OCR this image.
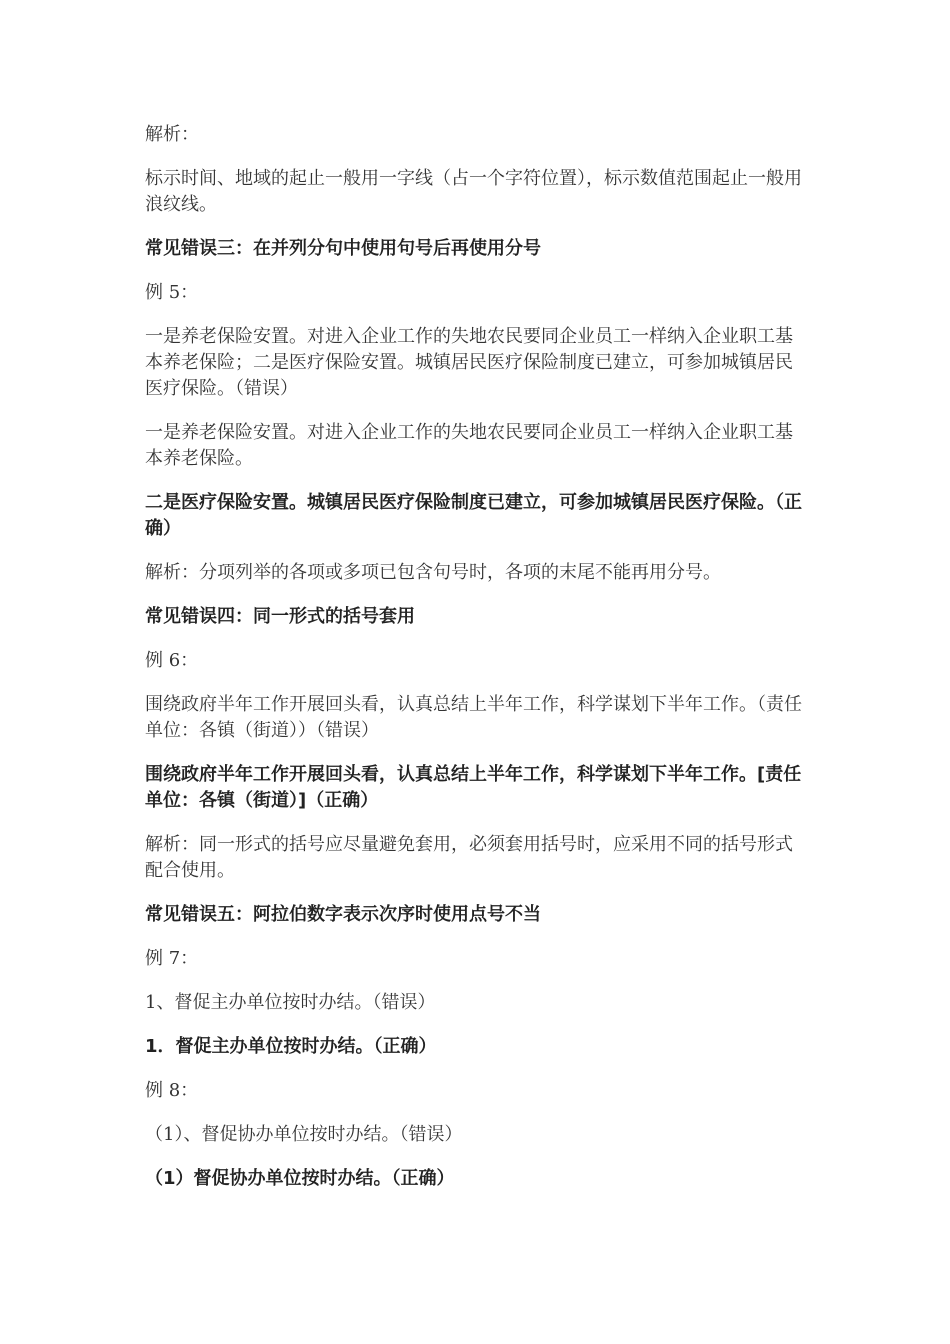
解析：

标示时间、地域的起止一般用一字线（占一个字符位置），标示数值范围起止一般用浪纹线。

常见错误三：在并列分句中使用句号后再使用分号

例 5：

一是养老保险安置。对进入企业工作的失地农民要同企业员工一样纳入企业职工基本养老保险；二是医疗保险安置。城镇居民医疗保险制度已建立，可参加城镇居民医疗保险。（错误）

一是养老保险安置。对进入企业工作的失地农民要同企业员工一样纳入企业职工基本养老保险。

二是医疗保险安置。城镇居民医疗保险制度已建立，可参加城镇居民医疗保险。（正确）

解析：分项列举的各项或多项已包含句号时，各项的末尾不能再用分号。

常见错误四：同一形式的括号套用

例 6：

围绕政府半年工作开展回头看，认真总结上半年工作，科学谋划下半年工作。（责任单位：各镇（街道））（错误）

围绕政府半年工作开展回头看，认真总结上半年工作，科学谋划下半年工作。[责任单位：各镇（街道）]（正确）

解析：同一形式的括号应尽量避免套用，必须套用括号时，应采用不同的括号形式配合使用。

常见错误五：阿拉伯数字表示次序时使用点号不当

例 7：

1、督促主办单位按时办结。（错误）

1．督促主办单位按时办结。（正确）

例 8：

（1）、督促协办单位按时办结。（错误）

（1）督促协办单位按时办结。（正确）
